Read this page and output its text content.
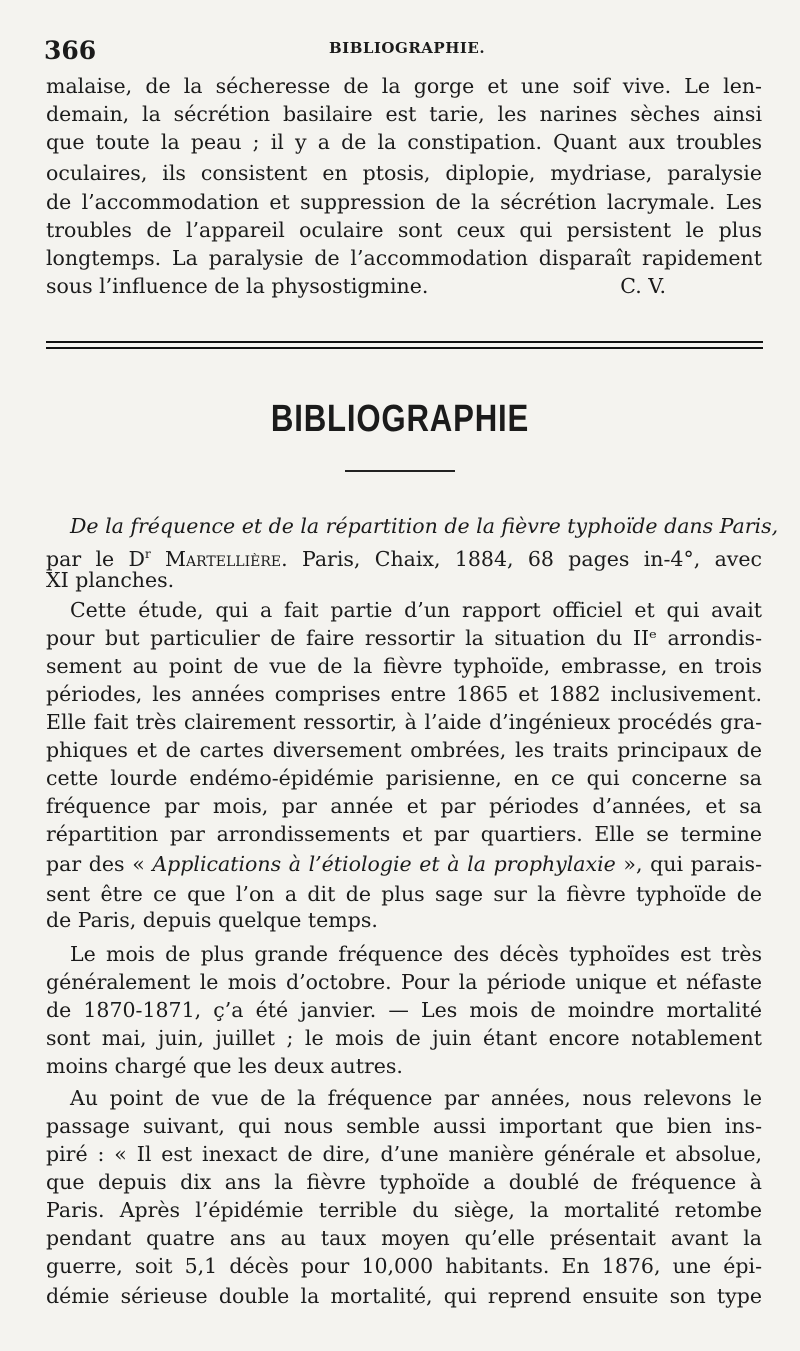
366	BIBLIOGRAPHIE.
malaise, de la sécheresse de la gorge et une soif vive. Le len-
demain, la sécrétion basilaire est tarie, les narines sèches ainsi
que toute la peau ; il y a de la constipation. Quant aux troubles
oculaires, ils consistent en ptosis, diplopie, mydriase, paralysie
de l’accommodation et suppression de la sécrétion lacrymale. Les
troubles de l’appareil oculaire sont ceux qui persistent le plus
longtemps. La paralysie de l’accommodation disparaît rapidement
sous l’influence de la physostigmine.	C. V.
BIBLIOGRAPHIE
De la fréquence et de la répartition de la fièvre typhoïde dans Paris,
par le $D^r$ Martellière. Paris, Chaix, 1884, 68 pages in-4°, avec
XI planches.
Cette étude, qui a fait partie d’un rapport officiel et qui avait
pour but particulier de faire ressortir la situation du IIᵉ arrondis-
sement au point de vue de la fièvre typhoïde, embrasse, en trois
périodes, les années comprises entre 1865 et 1882 inclusivement.
Elle fait très clairement ressortir, à l’aide d’ingénieux procédés gra-
phiques et de cartes diversement ombrées, les traits principaux de
cette lourde endémo-épidémie parisienne, en ce qui concerne sa
fréquence par mois, par année et par périodes d’années, et sa
répartition par arrondissements et par quartiers. Elle se termine
par des « Applications à l’étiologie et à la prophylaxie », qui parais-
sent être ce que l’on a dit de plus sage sur la fièvre typhoïde de
de Paris, depuis quelque temps.
Le mois de plus grande fréquence des décès typhoïdes est très
généralement le mois d’octobre. Pour la période unique et néfaste
de 1870-1871, ç’a été janvier. — Les mois de moindre mortalité
sont mai, juin, juillet ; le mois de juin étant encore notablement
moins chargé que les deux autres.
Au point de vue de la fréquence par années, nous relevons le
passage suivant, qui nous semble aussi important que bien ins-
piré : « Il est inexact de dire, d’une manière générale et absolue,
que depuis dix ans la fièvre typhoïde a doublé de fréquence à
Paris. Après l’épidémie terrible du siège, la mortalité retombe
pendant quatre ans au taux moyen qu’elle présentait avant la
guerre, soit 5,1 décès pour 10,000 habitants. En 1876, une épi-
démie sérieuse double la mortalité, qui reprend ensuite son type
